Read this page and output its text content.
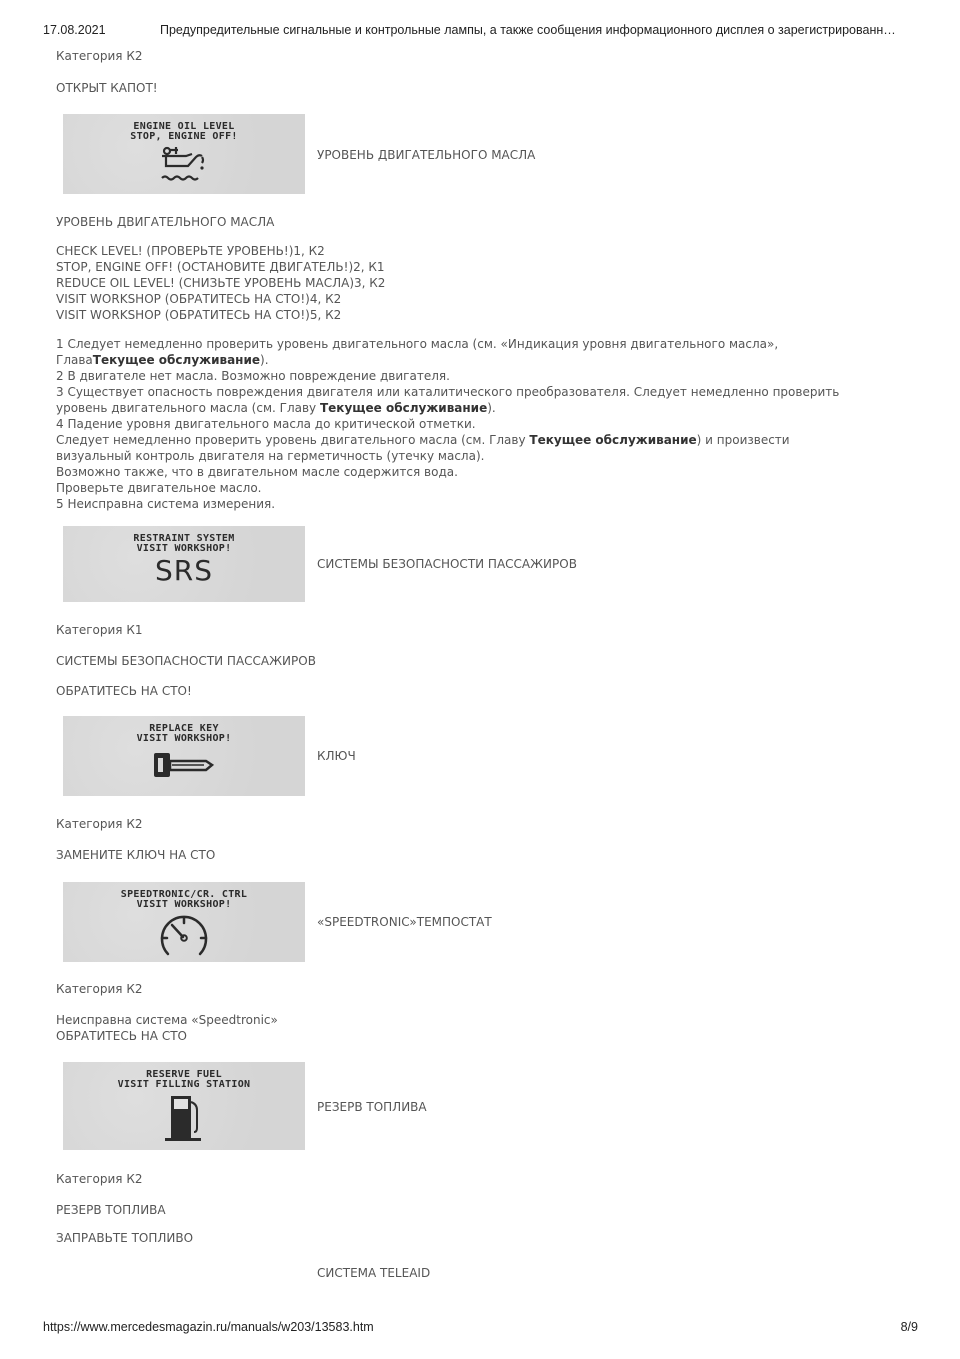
17.08.2021	Предупредительные сигнальные и контрольные лампы, а также сообщения информационного дисплея о зарегистрированн…
Категория К2
ОТКРЫТ КАПОТ!
ENGINE OIL LEVEL
STOP, ENGINE OFF!
УРОВЕНЬ ДВИГАТЕЛЬНОГО МАСЛА
УРОВЕНЬ ДВИГАТЕЛЬНОГО МАСЛА
CHECK LEVEL! (ПРОВЕРЬТЕ УРОВЕНЬ!)1, К2
STOP, ENGINE OFF! (ОСТАНОВИТЕ ДВИГАТЕЛЬ!)2, К1
REDUCE OIL LEVEL! (СНИЗЬТЕ УРОВЕНЬ МАСЛА)3, К2
VISIT WORKSHOP (ОБРАТИТЕСЬ НА СТО!)4, К2
VISIT WORKSHOP (ОБРАТИТЕСЬ НА СТО!)5, К2
1 Следует немедленно проверить уровень двигательного масла (см. «Индикация уровня двигательного масла», ГлаваТекущее обслуживание).
2 В двигателе нет масла. Возможно повреждение двигателя.
3 Существует опасность повреждения двигателя или каталитического преобразователя. Следует немедленно проверить уровень двигательного масла (см. Главу Текущее обслуживание).
4 Падение уровня двигательного масла до критической отметки.
Следует немедленно проверить уровень двигательного масла (см. Главу Текущее обслуживание) и произвести визуальный контроль двигателя на герметичность (утечку масла).
Возможно также, что в двигательном масле содержится вода.
Проверьте двигательное масло.
5 Неисправна система измерения.
RESTRAINT SYSTEM
VISIT WORKSHOP!
SRS	СИСТЕМЫ БЕЗОПАСНОСТИ ПАССАЖИРОВ
Категория К1
СИСТЕМЫ БЕЗОПАСНОСТИ ПАССАЖИРОВ
ОБРАТИТЕСЬ НА СТО!
REPLACE KEY
VISIT WORKSHOP!
КЛЮЧ
Категория К2
ЗАМЕНИТЕ КЛЮЧ НА СТО
SPEEDTRONIC/CR. CTRL
VISIT WORKSHOP!
«SPEEDTRONIC»ТЕМПОСТАТ
Категория К2
Неисправна система «Speedtronic»
ОБРАТИТЕСЬ НА СТО
RESERVE FUEL
VISIT FILLING STATION
РЕЗЕРВ ТОПЛИВА
Категория К2
РЕЗЕРВ ТОПЛИВА
ЗАПРАВЬТЕ ТОПЛИВО
СИСТЕМА TELEAID
https://www.mercedesmagazin.ru/manuals/w203/13583.htm	8/9
